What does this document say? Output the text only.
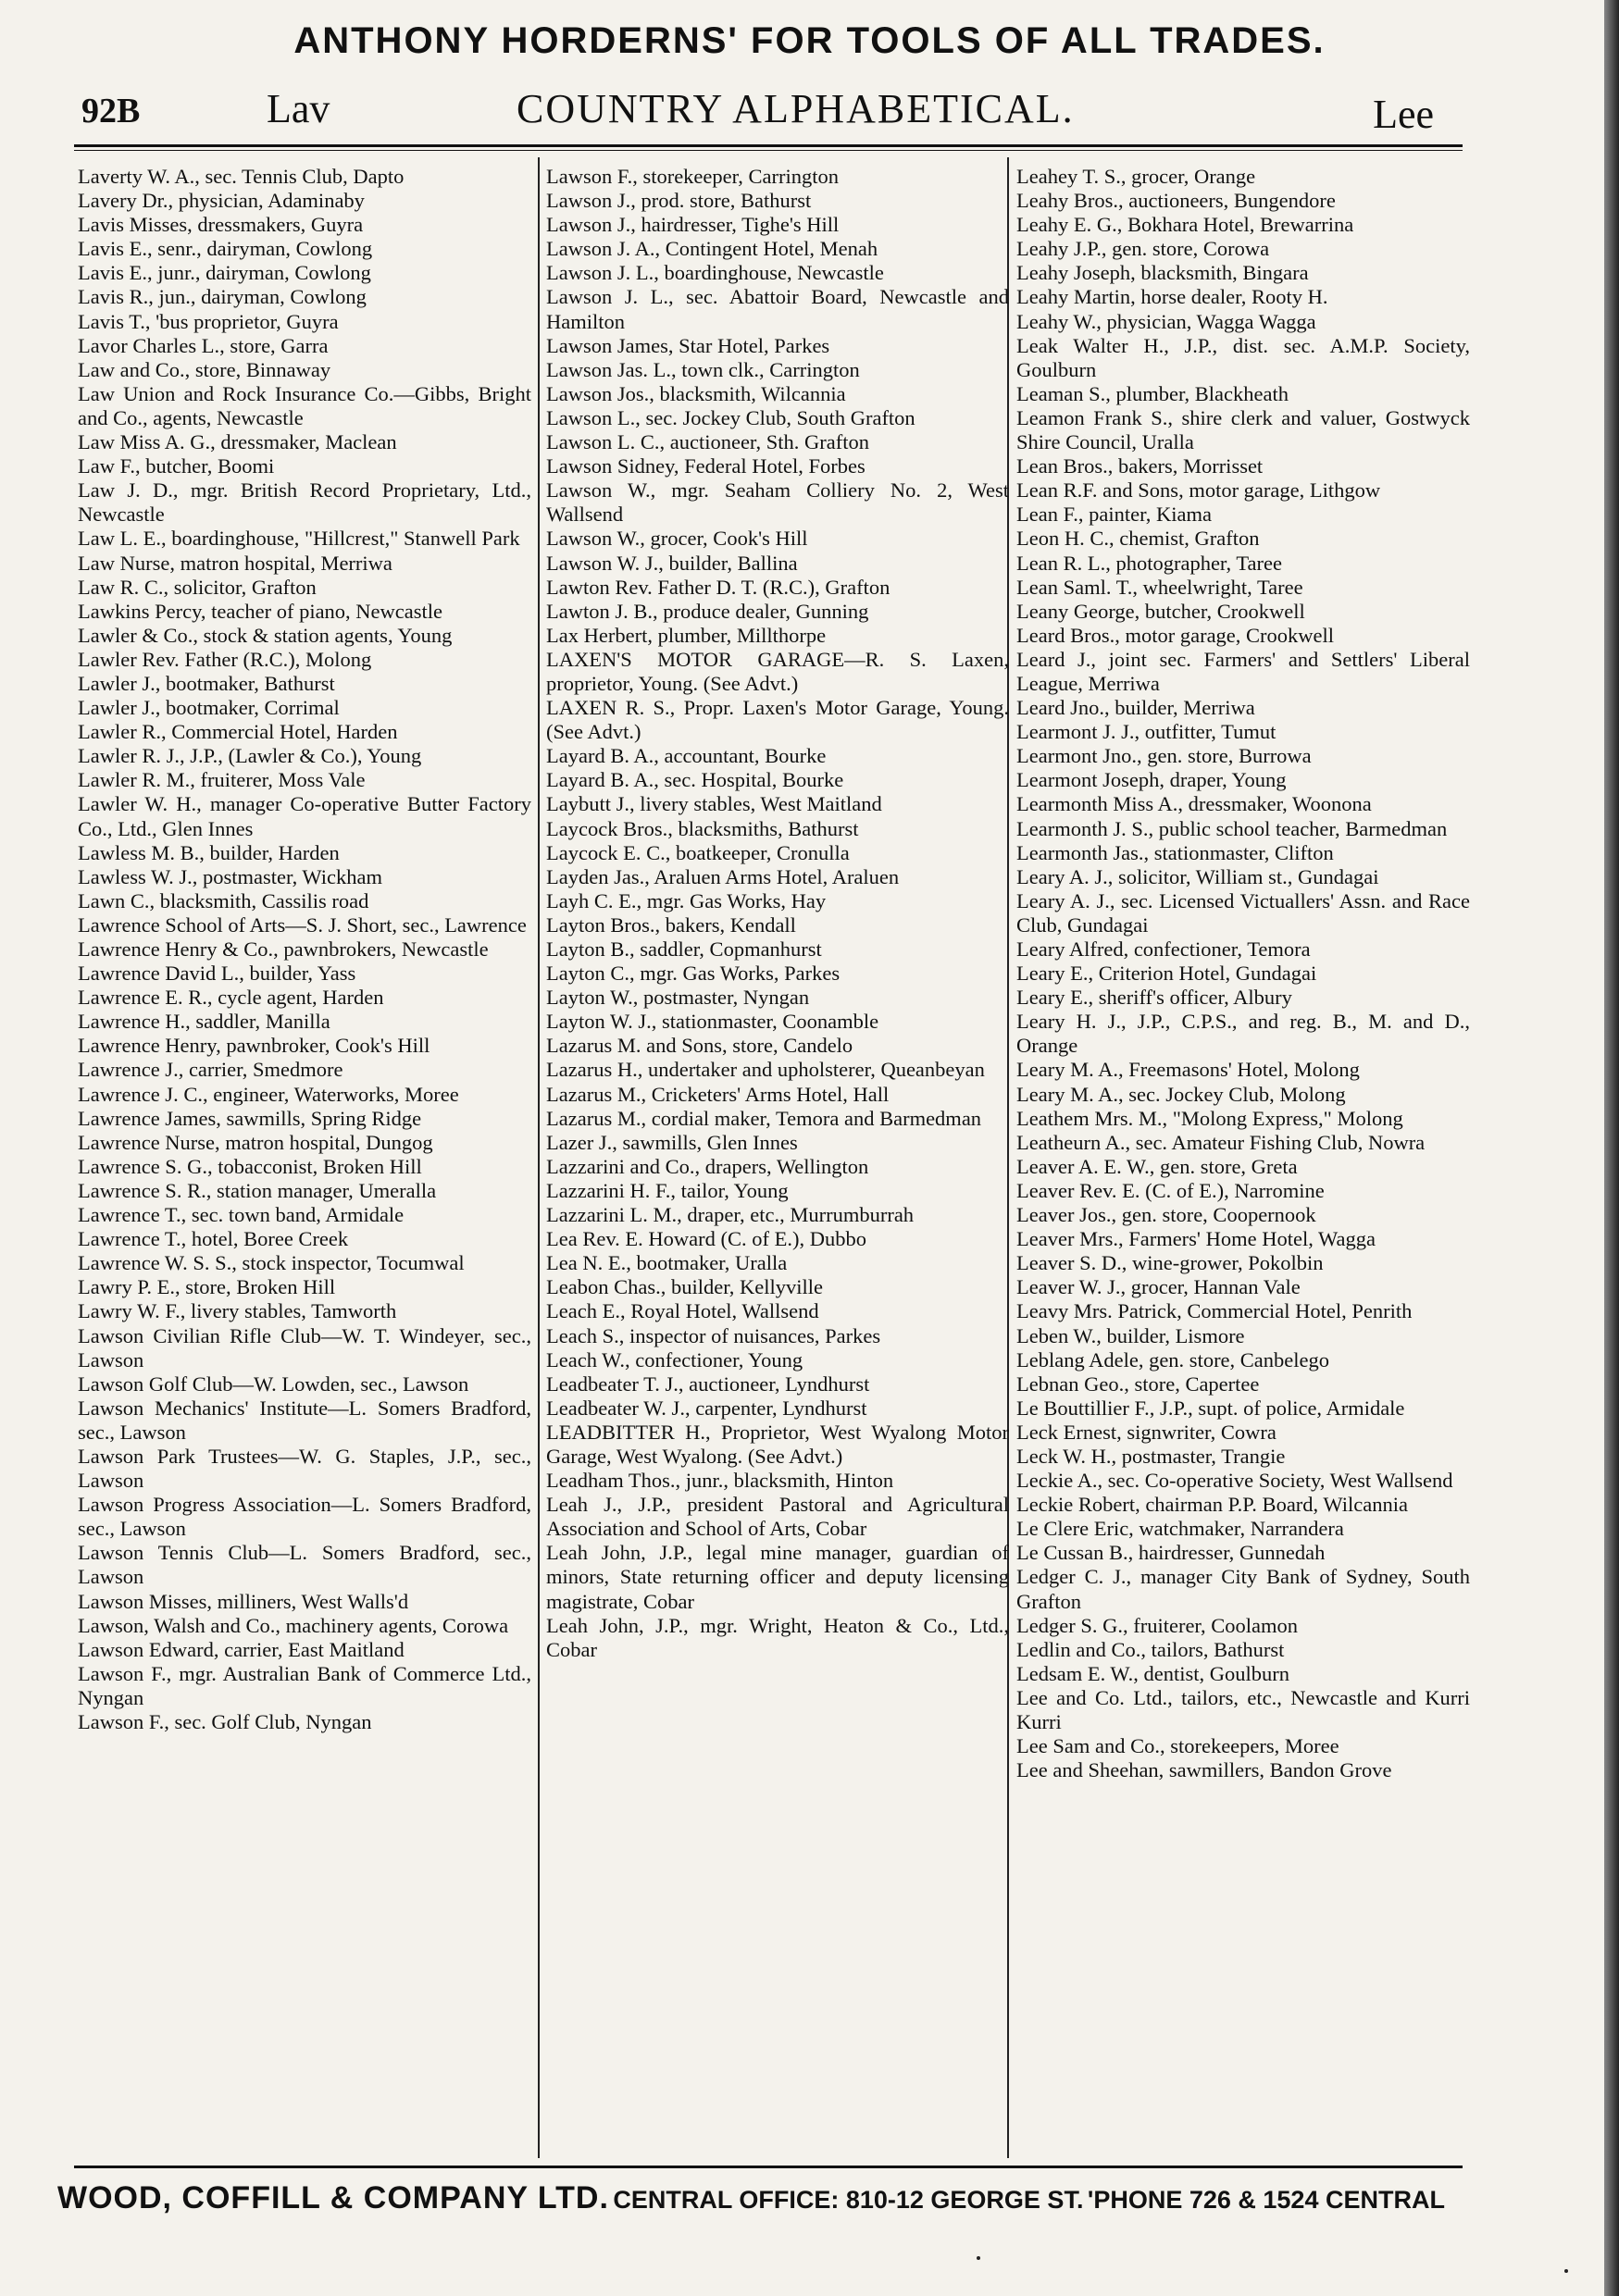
ANTHONY HORDERNS' FOR TOOLS OF ALL TRADES.
92B	Lav	COUNTRY ALPHABETICAL.	Lee
Laverty W. A., sec. Tennis Club, Dapto
Lavery Dr., physician, Adaminaby
Lavis Misses, dressmakers, Guyra
Lavis E., senr., dairyman, Cowlong
Lavis E., junr., dairyman, Cowlong
Lavis R., jun., dairyman, Cowlong
Lavis T., 'bus proprietor, Guyra
Lavor Charles L., store, Garra
Law and Co., store, Binnaway
Law Union and Rock Insurance Co.—Gibbs, Bright and Co., agents, Newcastle
Law Miss A. G., dressmaker, Maclean
Law F., butcher, Boomi
Law J. D., mgr. British Record Proprietary, Ltd., Newcastle
Law L. E., boardinghouse, "Hillcrest," Stanwell Park
Law Nurse, matron hospital, Merriwa
Law R. C., solicitor, Grafton
Lawkins Percy, teacher of piano, Newcastle
Lawler & Co., stock & station agents, Young
Lawler Rev. Father (R.C.), Molong
Lawler J., bootmaker, Bathurst
Lawler J., bootmaker, Corrimal
Lawler R., Commercial Hotel, Harden
Lawler R. J., J.P., (Lawler & Co.), Young
Lawler R. M., fruiterer, Moss Vale
Lawler W. H., manager Co-operative Butter Factory Co., Ltd., Glen Innes
Lawless M. B., builder, Harden
Lawless W. J., postmaster, Wickham
Lawn C., blacksmith, Cassilis road
Lawrence School of Arts—S. J. Short, sec., Lawrence
Lawrence Henry & Co., pawnbrokers, Newcastle
Lawrence David L., builder, Yass
Lawrence E. R., cycle agent, Harden
Lawrence H., saddler, Manilla
Lawrence Henry, pawnbroker, Cook's Hill
Lawrence J., carrier, Smedmore
Lawrence J. C., engineer, Waterworks, Moree
Lawrence James, sawmills, Spring Ridge
Lawrence Nurse, matron hospital, Dungog
Lawrence S. G., tobacconist, Broken Hill
Lawrence S. R., station manager, Umeralla
Lawrence T., sec. town band, Armidale
Lawrence T., hotel, Boree Creek
Lawrence W. S. S., stock inspector, Tocumwal
Lawry P. E., store, Broken Hill
Lawry W. F., livery stables, Tamworth
Lawson Civilian Rifle Club—W. T. Windeyer, sec., Lawson
Lawson Golf Club—W. Lowden, sec., Lawson
Lawson Mechanics' Institute—L. Somers Bradford, sec., Lawson
Lawson Park Trustees—W. G. Staples, J.P., sec., Lawson
Lawson Progress Association—L. Somers Bradford, sec., Lawson
Lawson Tennis Club—L. Somers Bradford, sec., Lawson
Lawson Misses, milliners, West Walls'd
Lawson, Walsh and Co., machinery agents, Corowa
Lawson Edward, carrier, East Maitland
Lawson F., mgr. Australian Bank of Commerce Ltd., Nyngan
Lawson F., sec. Golf Club, Nyngan
Lawson F., storekeeper, Carrington
Lawson J., prod. store, Bathurst
Lawson J., hairdresser, Tighe's Hill
Lawson J. A., Contingent Hotel, Menah
Lawson J. L., boardinghouse, Newcastle
Lawson J. L., sec. Abattoir Board, Newcastle and Hamilton
Lawson James, Star Hotel, Parkes
Lawson Jas. L., town clk., Carrington
Lawson Jos., blacksmith, Wilcannia
Lawson L., sec. Jockey Club, South Grafton
Lawson L. C., auctioneer, Sth. Grafton
Lawson Sidney, Federal Hotel, Forbes
Lawson W., mgr. Seaham Colliery No. 2, West Wallsend
Lawson W., grocer, Cook's Hill
Lawson W. J., builder, Ballina
Lawton Rev. Father D. T. (R.C.), Grafton
Lawton J. B., produce dealer, Gunning
Lax Herbert, plumber, Millthorpe
LAXEN'S MOTOR GARAGE—R. S. Laxen, proprietor, Young. (See Advt.)
LAXEN R. S., Propr. Laxen's Motor Garage, Young. (See Advt.)
Layard B. A., accountant, Bourke
Layard B. A., sec. Hospital, Bourke
Laybutt J., livery stables, West Maitland
Laycock Bros., blacksmiths, Bathurst
Laycock E. C., boatkeeper, Cronulla
Layden Jas., Araluen Arms Hotel, Araluen
Layh C. E., mgr. Gas Works, Hay
Layton Bros., bakers, Kendall
Layton B., saddler, Copmanhurst
Layton C., mgr. Gas Works, Parkes
Layton W., postmaster, Nyngan
Layton W. J., stationmaster, Coonamble
Lazarus M. and Sons, store, Candelo
Lazarus H., undertaker and upholsterer, Queanbeyan
Lazarus M., Cricketers' Arms Hotel, Hall
Lazarus M., cordial maker, Temora and Barmedman
Lazer J., sawmills, Glen Innes
Lazzarini and Co., drapers, Wellington
Lazzarini H. F., tailor, Young
Lazzarini L. M., draper, etc., Murrumburrah
Lea Rev. E. Howard (C. of E.), Dubbo
Lea N. E., bootmaker, Uralla
Leabon Chas., builder, Kellyville
Leach E., Royal Hotel, Wallsend
Leach S., inspector of nuisances, Parkes
Leach W., confectioner, Young
Leadbeater T. J., auctioneer, Lyndhurst
Leadbeater W. J., carpenter, Lyndhurst
LEADBITTER H., Proprietor, West Wyalong Motor Garage, West Wyalong. (See Advt.)
Leadham Thos., junr., blacksmith, Hinton
Leah J., J.P., president Pastoral and Agricultural Association and School of Arts, Cobar
Leah John, J.P., legal mine manager, guardian of minors, State returning officer and deputy licensing magistrate, Cobar
Leah John, J.P., mgr. Wright, Heaton & Co., Ltd., Cobar
Leahey T. S., grocer, Orange
Leahy Bros., auctioneers, Bungendore
Leahy E. G., Bokhara Hotel, Brewarrina
Leahy J.P., gen. store, Corowa
Leahy Joseph, blacksmith, Bingara
Leahy Martin, horse dealer, Rooty H.
Leahy W., physician, Wagga Wagga
Leak Walter H., J.P., dist. sec. A.M.P. Society, Goulburn
Leaman S., plumber, Blackheath
Leamon Frank S., shire clerk and valuer, Gostwyck Shire Council, Uralla
Lean Bros., bakers, Morrisset
Lean R.F. and Sons, motor garage, Lithgow
Lean F., painter, Kiama
Leon H. C., chemist, Grafton
Lean R. L., photographer, Taree
Lean Saml. T., wheelwright, Taree
Leany George, butcher, Crookwell
Leard Bros., motor garage, Crookwell
Leard J., joint sec. Farmers' and Settlers' Liberal League, Merriwa
Leard Jno., builder, Merriwa
Learmont J. J., outfitter, Tumut
Learmont Jno., gen. store, Burrowa
Learmont Joseph, draper, Young
Learmonth Miss A., dressmaker, Woonona
Learmonth J. S., public school teacher, Barmedman
Learmonth Jas., stationmaster, Clifton
Leary A. J., solicitor, William st., Gundagai
Leary A. J., sec. Licensed Victuallers' Assn. and Race Club, Gundagai
Leary Alfred, confectioner, Temora
Leary E., Criterion Hotel, Gundagai
Leary E., sheriff's officer, Albury
Leary H. J., J.P., C.P.S., and reg. B., M. and D., Orange
Leary M. A., Freemasons' Hotel, Molong
Leary M. A., sec. Jockey Club, Molong
Leathem Mrs. M., "Molong Express," Molong
Leatheurn A., sec. Amateur Fishing Club, Nowra
Leaver A. E. W., gen. store, Greta
Leaver Rev. E. (C. of E.), Narromine
Leaver Jos., gen. store, Coopernook
Leaver Mrs., Farmers' Home Hotel, Wagga
Leaver S. D., wine-grower, Pokolbin
Leaver W. J., grocer, Hannan Vale
Leavy Mrs. Patrick, Commercial Hotel, Penrith
Leben W., builder, Lismore
Leblang Adele, gen. store, Canbelego
Lebnan Geo., store, Capertee
Le Bouttillier F., J.P., supt. of police, Armidale
Leck Ernest, signwriter, Cowra
Leck W. H., postmaster, Trangie
Leckie A., sec. Co-operative Society, West Wallsend
Leckie Robert, chairman P.P. Board, Wilcannia
Le Clere Eric, watchmaker, Narrandera
Le Cussan B., hairdresser, Gunnedah
Ledger C. J., manager City Bank of Sydney, South Grafton
Ledger S. G., fruiterer, Coolamon
Ledlin and Co., tailors, Bathurst
Ledsam E. W., dentist, Goulburn
Lee and Co. Ltd., tailors, etc., Newcastle and Kurri Kurri
Lee Sam and Co., storekeepers, Moree
Lee and Sheehan, sawmillers, Bandon Grove
WOOD, COFFILL & COMPANY LTD. CENTRAL OFFICE: 810-12 GEORGE ST. 'PHONE 726 & 1524 CENTRAL
